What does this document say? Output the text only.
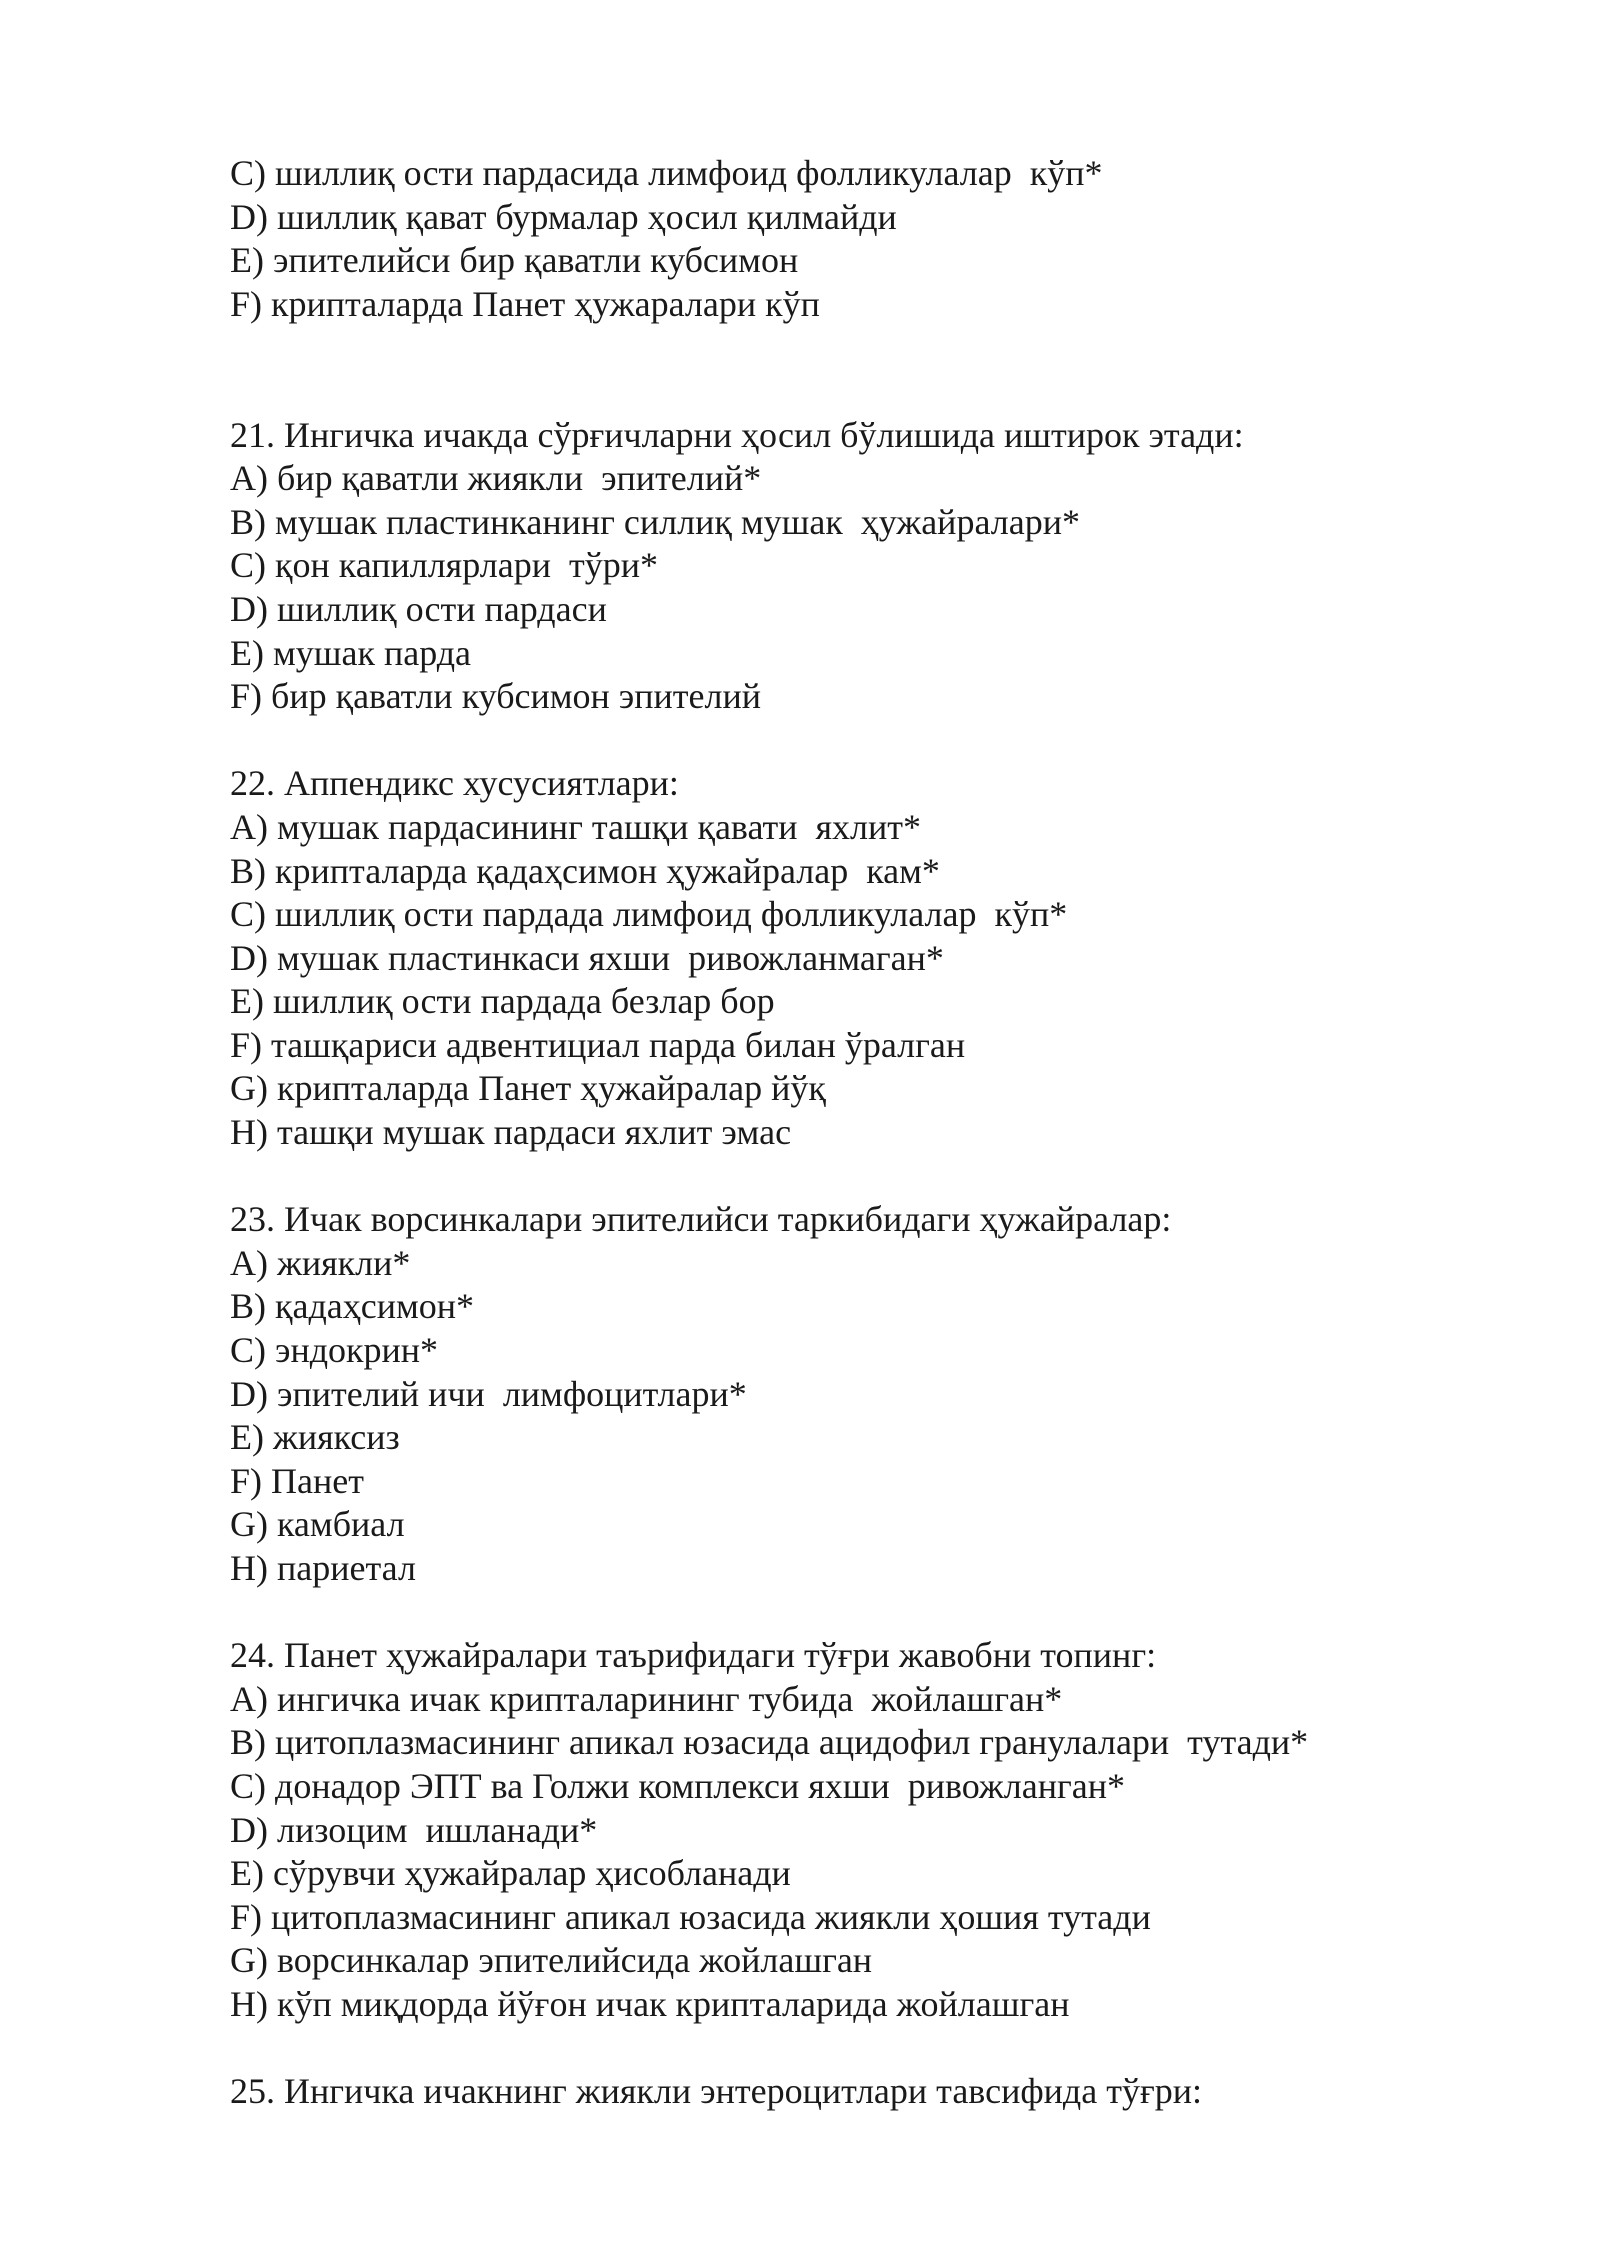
C) шиллиқ ости пардасида лимфоид фолликулалар  кўп*
D) шиллиқ қават бурмалар ҳосил қилмайди
E) эпителийси бир қаватли кубсимон
F) крипталарда Панет ҳужаралари кўп
21. Ингичка ичакда сўрғичларни ҳосил бўлишида иштирок этади:
A) бир қаватли жиякли  эпителий*
B) мушак пластинканинг силлиқ мушак  ҳужайралари*
C) қон капиллярлари  тўри*
D) шиллиқ ости пардаси
E) мушак парда
F) бир қаватли кубсимон эпителий
22. Аппендикс хусусиятлари:
A) мушак пардасининг ташқи қавати  яхлит*
B) крипталарда қадаҳсимон ҳужайралар  кам*
C) шиллиқ ости пардада лимфоид фолликулалар  кўп*
D) мушак пластинкаси яхши  ривожланмаган*
E) шиллиқ ости пардада безлар бор
F) ташқариси адвентициал парда билан ўралган
G) крипталарда Панет ҳужайралар йўқ
H) ташқи мушак пардаси яхлит эмас
23. Ичак ворсинкалари эпителийси таркибидаги ҳужайралар:
A) жиякли*
B) қадаҳсимон*
C) эндокрин*
D) эпителий ичи  лимфоцитлари*
E) жияксиз
F) Панет
G) камбиал
H) париетал
24. Панет ҳужайралари таърифидаги тўғри жавобни топинг:
A) ингичка ичак крипталарининг тубида  жойлашган*
B) цитоплазмасининг апикал юзасида ацидофил гранулалари  тутади*
C) донадор ЭПТ ва Голжи комплекси яхши  ривожланган*
D) лизоцим  ишланади*
E) сўрувчи ҳужайралар ҳисобланади
F) цитоплазмасининг апикал юзасида жиякли ҳошия тутади
G) ворсинкалар эпителийсида жойлашган
H) кўп миқдорда йўғон ичак крипталарида жойлашган
25. Ингичка ичакнинг жиякли энтероцитлари тавсифида тўғри:
